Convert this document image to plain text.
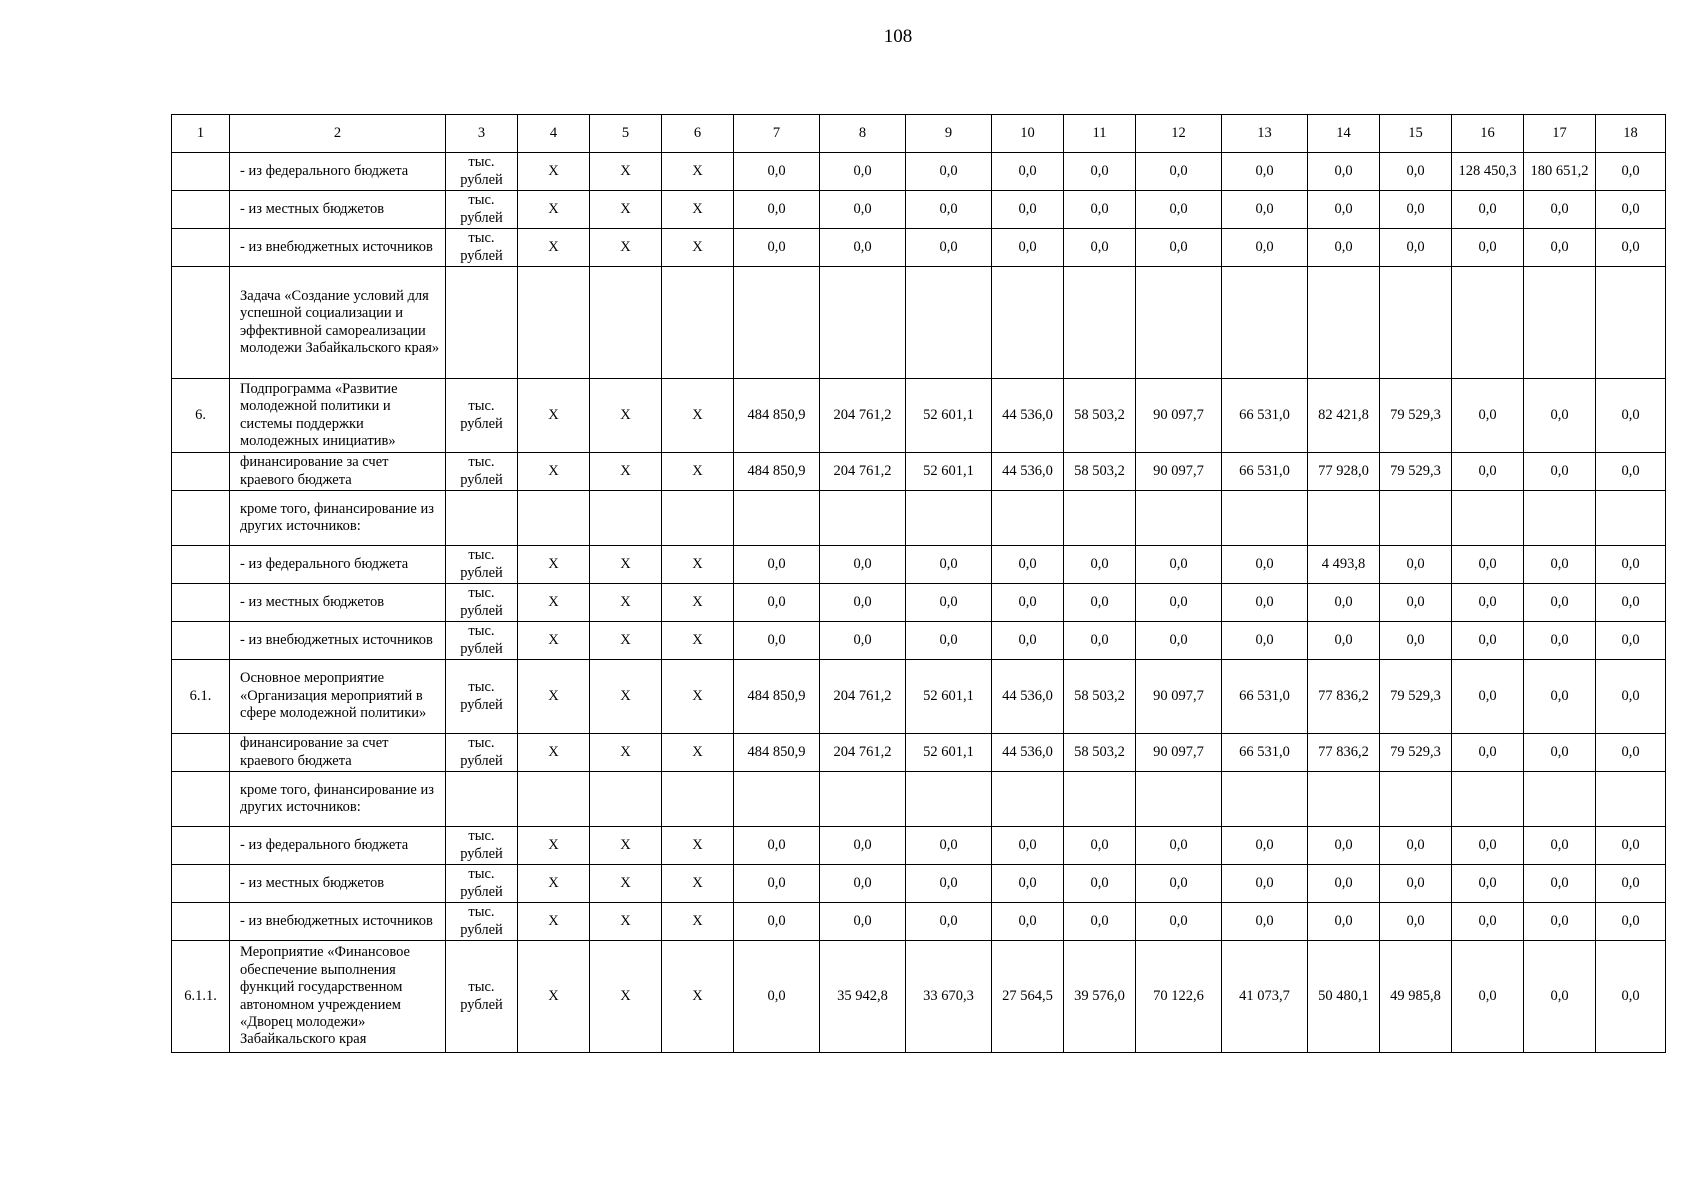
108
1	2	3	4	5	6	7	8	9	10	11	12	13	14	15	16	17	18
	- из федерального бюджета	тыс. рублей	X	X	X	0,0	0,0	0,0	0,0	0,0	0,0	0,0	0,0	0,0	128 450,3	180 651,2	0,0
	- из местных бюджетов	тыс. рублей	X	X	X	0,0	0,0	0,0	0,0	0,0	0,0	0,0	0,0	0,0	0,0	0,0	0,0
	- из внебюджетных источников	тыс. рублей	X	X	X	0,0	0,0	0,0	0,0	0,0	0,0	0,0	0,0	0,0	0,0	0,0	0,0
	Задача «Создание условий для успешной социализации и эффективной самореализации молодежи Забайкальского края»																
6.	Подпрограмма «Развитие молодежной политики и системы поддержки молодежных инициатив»	тыс. рублей	X	X	X	484 850,9	204 761,2	52 601,1	44 536,0	58 503,2	90 097,7	66 531,0	82 421,8	79 529,3	0,0	0,0	0,0
	финансирование за счет краевого бюджета	тыс. рублей	X	X	X	484 850,9	204 761,2	52 601,1	44 536,0	58 503,2	90 097,7	66 531,0	77 928,0	79 529,3	0,0	0,0	0,0
	кроме того, финансирование из других источников:																
	- из федерального бюджета	тыс. рублей	X	X	X	0,0	0,0	0,0	0,0	0,0	0,0	0,0	4 493,8	0,0	0,0	0,0	0,0
	- из местных бюджетов	тыс. рублей	X	X	X	0,0	0,0	0,0	0,0	0,0	0,0	0,0	0,0	0,0	0,0	0,0	0,0
	- из внебюджетных источников	тыс. рублей	X	X	X	0,0	0,0	0,0	0,0	0,0	0,0	0,0	0,0	0,0	0,0	0,0	0,0
6.1.	Основное мероприятие «Организация мероприятий в сфере молодежной политики»	тыс. рублей	X	X	X	484 850,9	204 761,2	52 601,1	44 536,0	58 503,2	90 097,7	66 531,0	77 836,2	79 529,3	0,0	0,0	0,0
	финансирование за счет краевого бюджета	тыс. рублей	X	X	X	484 850,9	204 761,2	52 601,1	44 536,0	58 503,2	90 097,7	66 531,0	77 836,2	79 529,3	0,0	0,0	0,0
	кроме того, финансирование из других источников:																
	- из федерального бюджета	тыс. рублей	X	X	X	0,0	0,0	0,0	0,0	0,0	0,0	0,0	0,0	0,0	0,0	0,0	0,0
	- из местных бюджетов	тыс. рублей	X	X	X	0,0	0,0	0,0	0,0	0,0	0,0	0,0	0,0	0,0	0,0	0,0	0,0
	- из внебюджетных источников	тыс. рублей	X	X	X	0,0	0,0	0,0	0,0	0,0	0,0	0,0	0,0	0,0	0,0	0,0	0,0
6.1.1.	Мероприятие «Финансовое обеспечение выполнения функций государственном автономном учреждением «Дворец молодежи» Забайкальского края	тыс. рублей	X	X	X	0,0	35 942,8	33 670,3	27 564,5	39 576,0	70 122,6	41 073,7	50 480,1	49 985,8	0,0	0,0	0,0
